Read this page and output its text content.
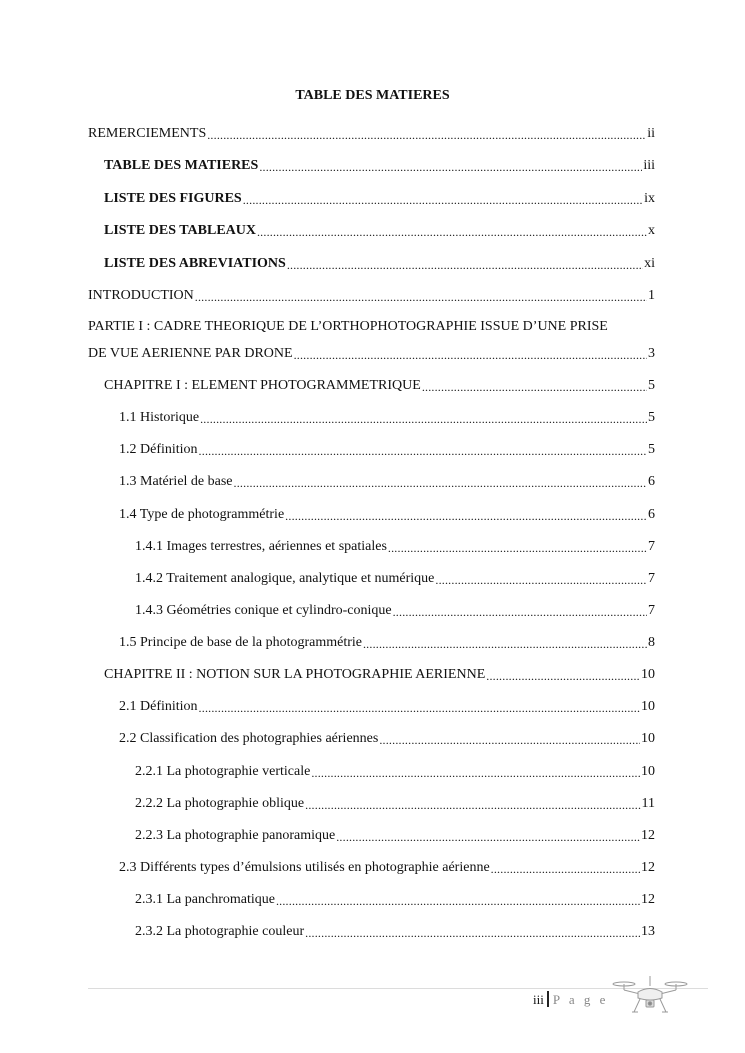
TABLE DES MATIERES
REMERCIEMENTS .....	ii
TABLE DES MATIERES .....	iii
LISTE DES FIGURES .....	ix
LISTE DES TABLEAUX .....	x
LISTE DES ABREVIATIONS .....	xi
INTRODUCTION .....	1
PARTIE I : CADRE THEORIQUE DE L’ORTHOPHOTOGRAPHIE ISSUE D’UNE PRISE
DE VUE AERIENNE PAR DRONE .....	3
CHAPITRE I : ELEMENT PHOTOGRAMMETRIQUE .....	5
1.1 Historique .....	5
1.2 Définition .....	5
1.3 Matériel de base .....	6
1.4 Type de photogrammétrie .....	6
1.4.1 Images terrestres, aériennes et spatiales .....	7
1.4.2 Traitement analogique, analytique et numérique .....	7
1.4.3 Géométries conique et cylindro-conique .....	7
1.5 Principe de base de la photogrammétrie .....	8
CHAPITRE II : NOTION SUR LA PHOTOGRAPHIE AERIENNE .....	10
2.1 Définition .....	10
2.2 Classification des photographies aériennes .....	10
2.2.1 La photographie verticale .....	10
2.2.2 La photographie oblique .....	11
2.2.3 La photographie panoramique .....	12
2.3 Différents types d’émulsions utilisés en photographie aérienne .....	12
2.3.1 La panchromatique .....	12
2.3.2 La photographie couleur .....	13
iii P a g e
